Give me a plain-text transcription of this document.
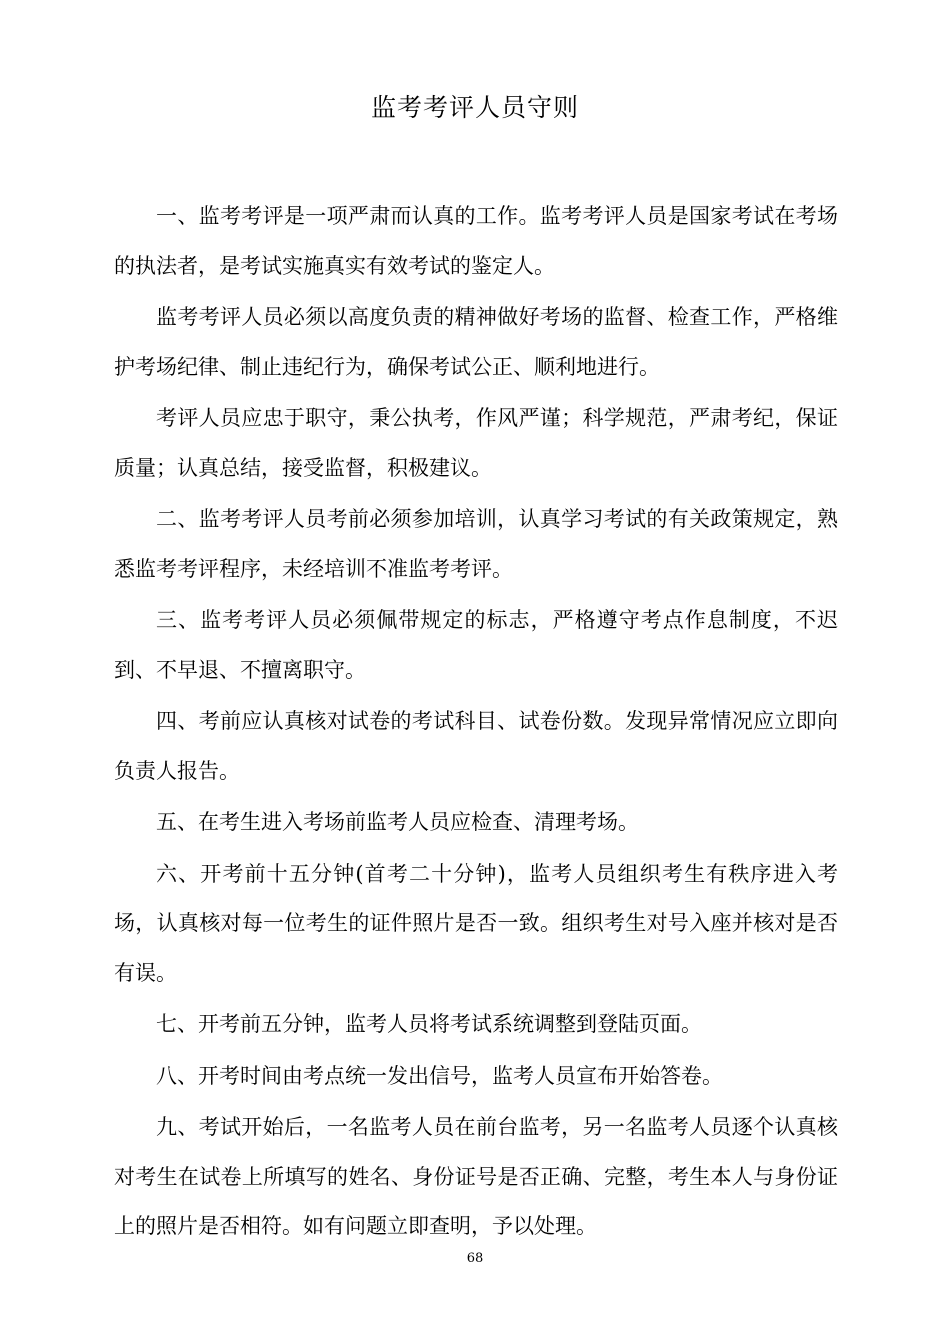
监考考评人员守则

一、监考考评是一项严肃而认真的工作。监考考评人员是国家考试在考场的执法者，是考试实施真实有效考试的鉴定人。

监考考评人员必须以高度负责的精神做好考场的监督、检查工作，严格维护考场纪律、制止违纪行为，确保考试公正、顺利地进行。

考评人员应忠于职守，秉公执考，作风严谨；科学规范，严肃考纪，保证质量；认真总结，接受监督，积极建议。

二、监考考评人员考前必须参加培训，认真学习考试的有关政策规定，熟悉监考考评程序，未经培训不准监考考评。

三、监考考评人员必须佩带规定的标志，严格遵守考点作息制度，不迟到、不早退、不擅离职守。

四、考前应认真核对试卷的考试科目、试卷份数。发现异常情况应立即向负责人报告。

五、在考生进入考场前监考人员应检查、清理考场。

六、开考前十五分钟(首考二十分钟)，监考人员组织考生有秩序进入考场，认真核对每一位考生的证件照片是否一致。组织考生对号入座并核对是否有误。

七、开考前五分钟，监考人员将考试系统调整到登陆页面。

八、开考时间由考点统一发出信号，监考人员宣布开始答卷。

九、考试开始后，一名监考人员在前台监考，另一名监考人员逐个认真核对考生在试卷上所填写的姓名、身份证号是否正确、完整，考生本人与身份证上的照片是否相符。如有问题立即查明，予以处理。

68
